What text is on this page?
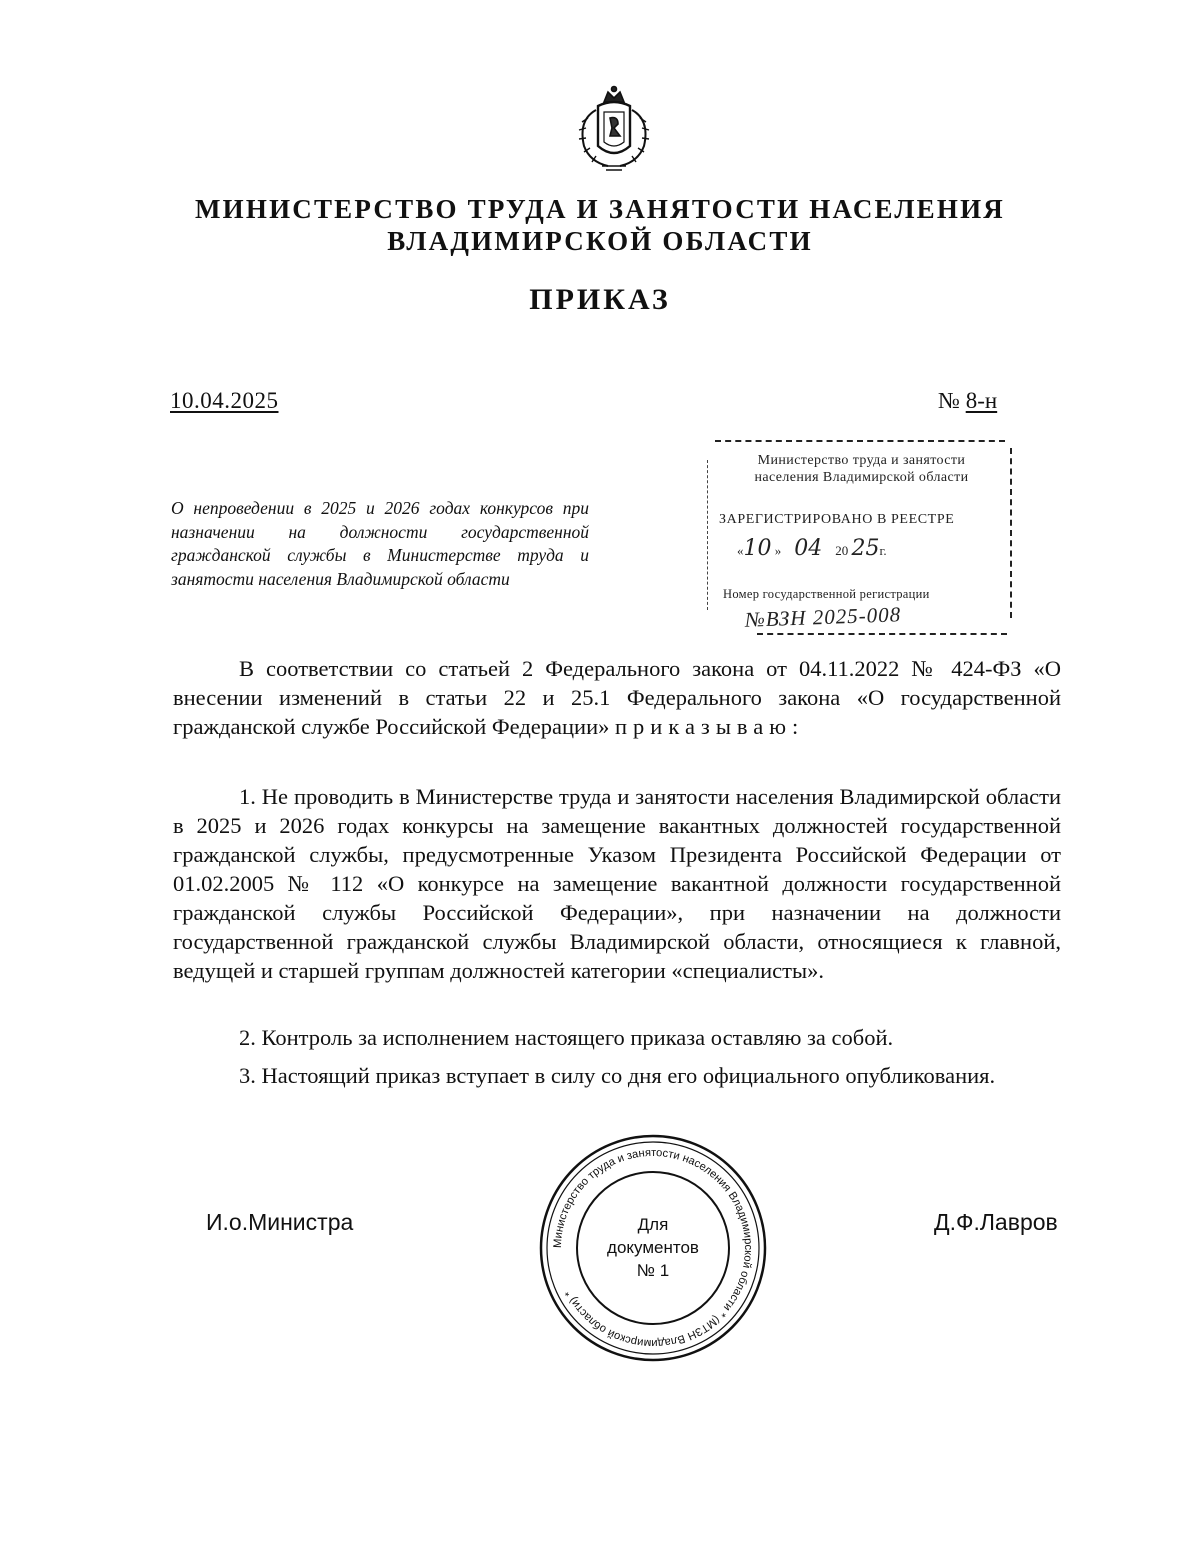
МИНИСТЕРСТВО ТРУДА И ЗАНЯТОСТИ НАСЕЛЕНИЯ
ВЛАДИМИРСКОЙ ОБЛАСТИ
ПРИКАЗ
10.04.2025	№ 8-н
О непроведении в 2025 и 2026 годах конкурсов при назначении на должности государственной гражданской службы в Министерстве труда и занятости населения Владимирской области
Министерство труда и занятости
населения Владимирской области
ЗАРЕГИСТРИРОВАНО В РЕЕСТРЕ
«10 » 04 20 25г.
Номер государственной регистрации
№ВЗН 2025-008
В соответствии со статьей 2 Федерального закона от 04.11.2022 № 424-ФЗ «О внесении изменений в статьи 22 и 25.1 Федерального закона «О государственной гражданской службе Российской Федерации» приказываю:
1. Не проводить в Министерстве труда и занятости населения Владимирской области в 2025 и 2026 годах конкурсы на замещение вакантных должностей государственной гражданской службы, предусмотренные Указом Президента Российской Федерации от 01.02.2005 № 112 «О конкурсе на замещение вакантной должности государственной гражданской службы Российской Федерации», при назначении на должности государственной гражданской службы Владимирской области, относящиеся к главной, ведущей и старшей группам должностей категории «специалисты».
2. Контроль за исполнением настоящего приказа оставляю за собой.
3. Настоящий приказ вступает в силу со дня его официального опубликования.
И.о.Министра	Д.Ф.Лавров
Министерство труда и занятости населения Владимирской области * (МТЗН Владимирской области) *
Для
документов
№ 1
